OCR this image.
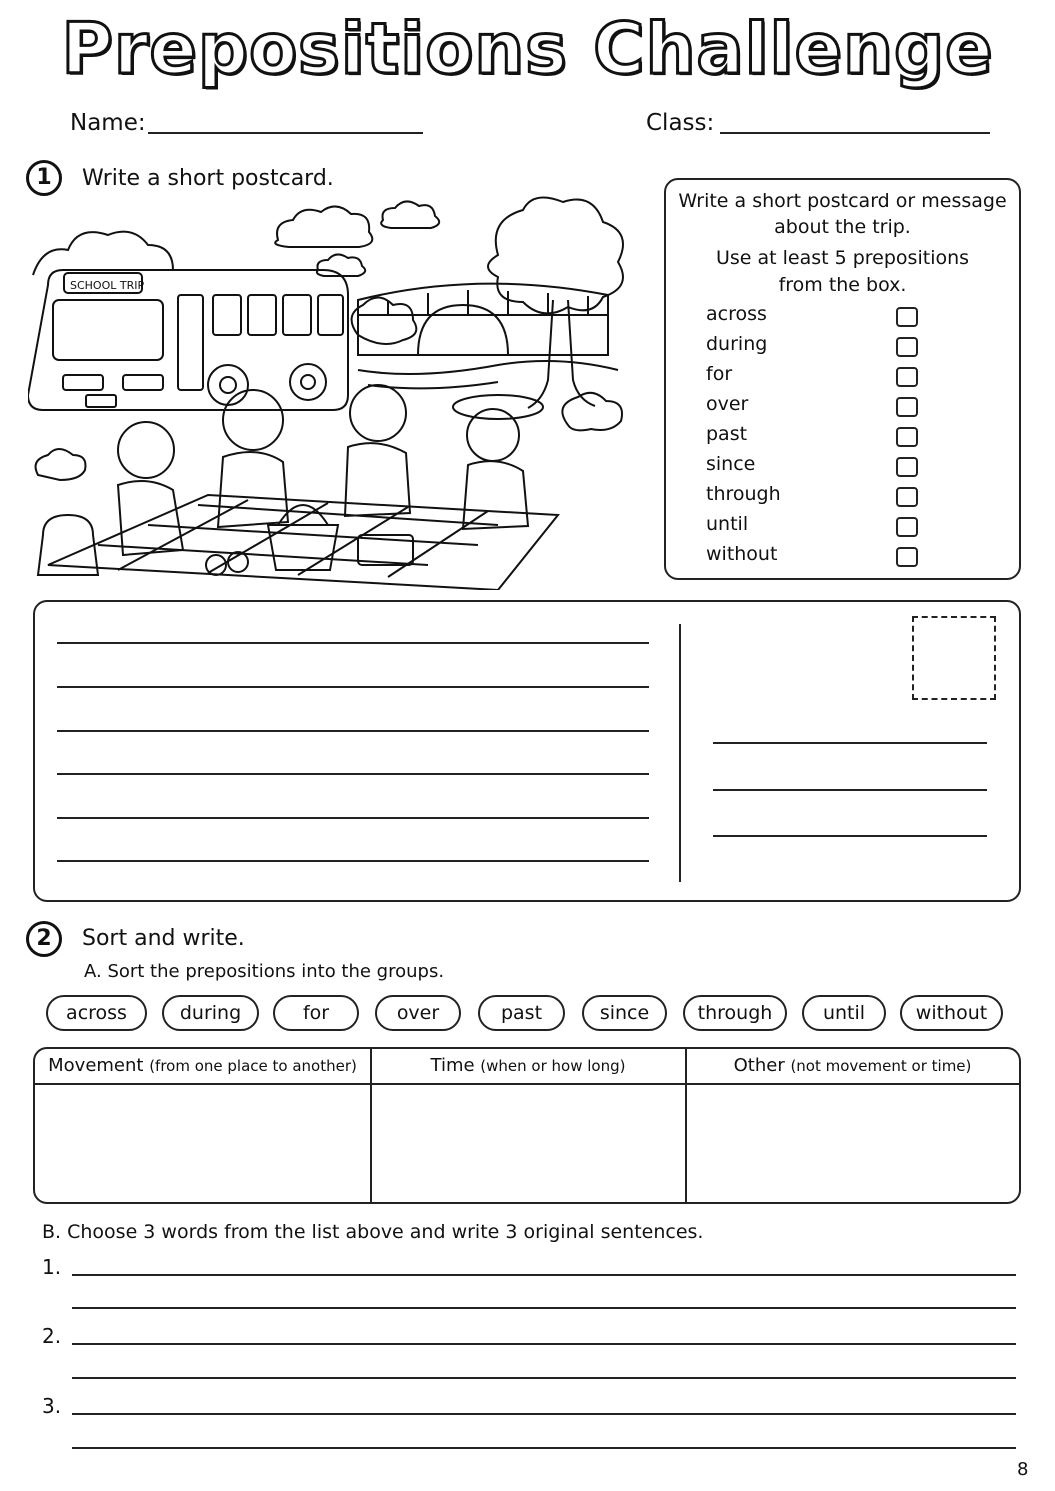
Prepositions Challenge
Name:	Class:
1	Write a short postcard.
SCHOOL TRIP
Write a short postcard or message
about the trip.
Use at least 5 prepositions
from the box.
across
during
for
over
past
since
through
until
without
2	Sort and write.
A. Sort the prepositions into the groups.
across	during	for	over	past	since	through	until	without
Movement (from one place to another)	Time (when or how long)	Other (not movement or time)
B. Choose 3 words from the list above and write 3 original sentences.
1.
2.
3.
8
